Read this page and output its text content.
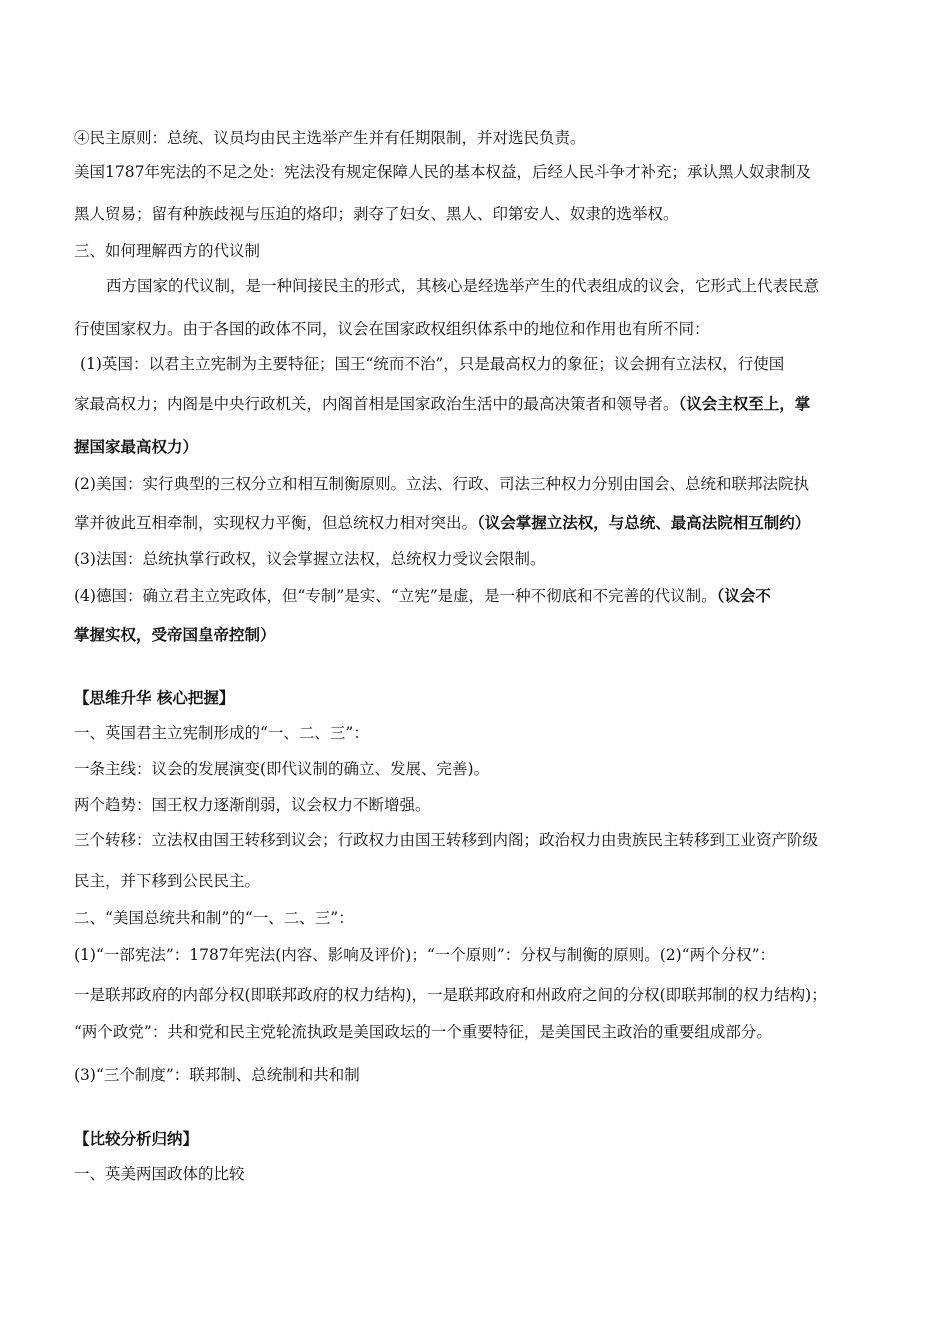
④民主原则：总统、议员均由民主选举产生并有任期限制，并对选民负责。
美国1787年宪法的不足之处：宪法没有规定保障人民的基本权益，后经人民斗争才补充；承认黑人奴隶制及
黑人贸易；留有种族歧视与压迫的烙印；剥夺了妇女、黑人、印第安人、奴隶的选举权。
三、如何理解西方的代议制
西方国家的代议制，是一种间接民主的形式，其核心是经选举产生的代表组成的议会，它形式上代表民意
行使国家权力。由于各国的政体不同，议会在国家政权组织体系中的地位和作用也有所不同：
(1)英国：以君主立宪制为主要特征；国王“统而不治”，只是最高权力的象征；议会拥有立法权，行使国
家最高权力；内阁是中央行政机关，内阁首相是国家政治生活中的最高决策者和领导者。（议会主权至上，掌
握国家最高权力）
(2)美国：实行典型的三权分立和相互制衡原则。立法、行政、司法三种权力分别由国会、总统和联邦法院执
掌并彼此互相牵制，实现权力平衡，但总统权力相对突出。（议会掌握立法权，与总统、最高法院相互制约）
(3)法国：总统执掌行政权，议会掌握立法权，总统权力受议会限制。
(4)德国：确立君主立宪政体，但“专制”是实、“立宪”是虚，是一种不彻底和不完善的代议制。（议会不
掌握实权，受帝国皇帝控制）
【思维升华 核心把握】
一、英国君主立宪制形成的“一、二、三”：
一条主线：议会的发展演变(即代议制的确立、发展、完善)。
两个趋势：国王权力逐渐削弱，议会权力不断增强。
三个转移：立法权由国王转移到议会；行政权力由国王转移到内阁；政治权力由贵族民主转移到工业资产阶级
民主，并下移到公民民主。
二、“美国总统共和制”的“一、二、三”：
(1)“一部宪法”：1787年宪法(内容、影响及评价)；“一个原则”：分权与制衡的原则。(2)“两个分权”：
一是联邦政府的内部分权(即联邦政府的权力结构)，一是联邦政府和州政府之间的分权(即联邦制的权力结构)；
“两个政党”：共和党和民主党轮流执政是美国政坛的一个重要特征，是美国民主政治的重要组成部分。
(3)“三个制度”：联邦制、总统制和共和制
【比较分析归纳】
一、英美两国政体的比较
